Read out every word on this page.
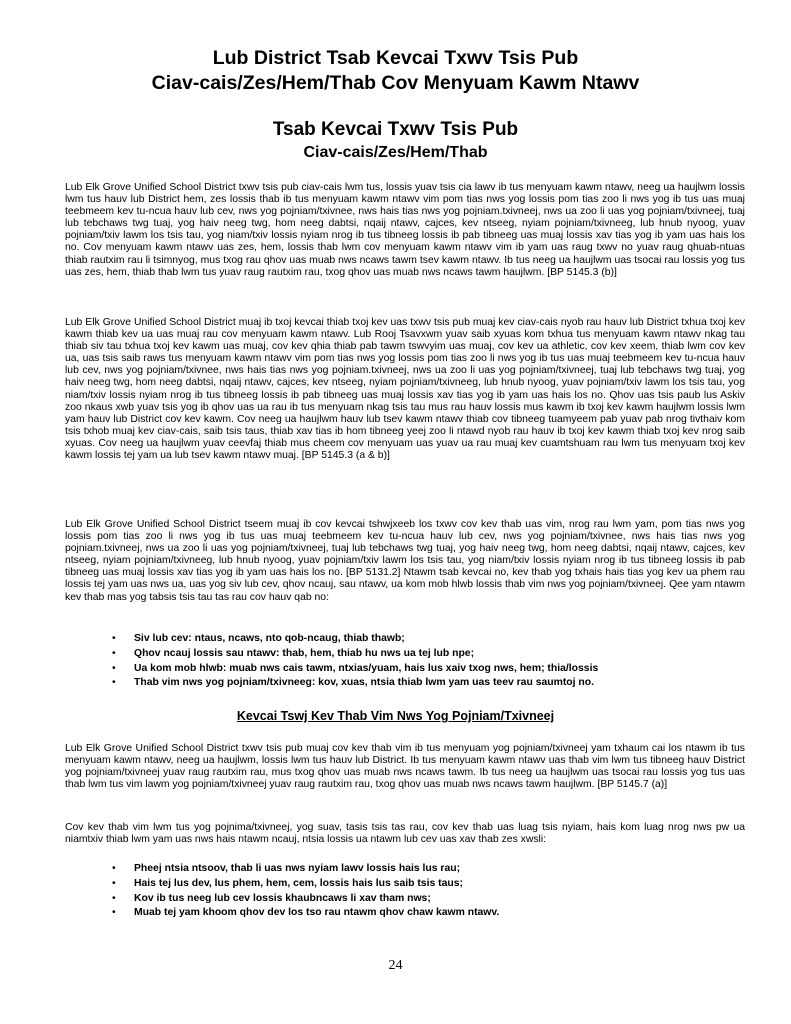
Lub District Tsab Kevcai Txwv Tsis Pub
Ciav-cais/Zes/Hem/Thab Cov Menyuam Kawm Ntawv
Tsab Kevcai Txwv Tsis Pub
Ciav-cais/Zes/Hem/Thab

Lub Elk Grove Unified School District txwv tsis pub ciav-cais lwm tus, lossis yuav tsis cia lawv ib tus menyuam kawm ntawv, neeg ua haujlwm lossis lwm tus hauv lub District hem, zes lossis thab ib tus menyuam kawm ntawv vim pom tias nws yog lossis pom tias zoo li nws yog ib tus uas muaj teebmeem kev tu-ncua hauv lub cev, nws yog pojniam/txivnee, nws hais tias nws yog pojniam.txivneej, nws ua zoo li uas yog pojniam/txivneej, tuaj lub tebchaws twg tuaj, yog haiv neeg twg, hom neeg dabtsi, nqaij ntawv, cajces, kev ntseeg, nyiam pojniam/txivneeg, lub hnub nyoog, yuav pojniam/txiv lawm los tsis tau, yog niam/txiv lossis nyiam nrog ib tus tibneeg lossis ib pab tibneeg uas muaj lossis xav tias yog ib yam uas hais los no. Cov menyuam kawm ntawv uas zes, hem, lossis thab lwm cov menyuam kawm ntawv vim ib yam uas raug txwv no yuav raug qhuab-ntuas thiab rautxim rau li tsimnyog, mus txog rau qhov uas muab nws ncaws tawm tsev kawm ntawv. Ib tus neeg ua haujlwm uas tsocai rau lossis yog tus uas zes, hem, thiab thab lwm tus yuav raug rautxim rau, txog qhov uas muab nws ncaws tawm haujlwm. [BP 5145.3 (b)]

Lub Elk Grove Unified School District muaj ib txoj kevcai thiab txoj kev uas txwv tsis pub muaj kev ciav-cais nyob rau hauv lub District txhua txoj kev kawm thiab kev ua uas muaj rau cov menyuam kawm ntawv. Lub Rooj Tsavxwm yuav saib xyuas kom txhua tus menyuam kawm ntawv nkag tau thiab siv tau txhua txoj kev kawm uas muaj, cov kev qhia thiab pab tawm tswvyim uas muaj, cov kev ua athletic, cov kev xeem, thiab lwm cov kev ua, uas tsis saib raws tus menyuam kawm ntawv vim pom tias nws yog lossis pom tias zoo li nws yog ib tus uas muaj teebmeem kev tu-ncua hauv lub cev, nws yog pojniam/txivnee, nws hais tias nws yog pojniam.txivneej, nws ua zoo li uas yog pojniam/txivneej, tuaj lub tebchaws twg tuaj, yog haiv neeg twg, hom neeg dabtsi, nqaij ntawv, cajces, kev ntseeg, nyiam pojniam/txivneeg, lub hnub nyoog, yuav pojniam/txiv lawm los tsis tau, yog niam/txiv lossis nyiam nrog ib tus tibneeg lossis ib pab tibneeg uas muaj lossis xav tias yog ib yam uas hais los no. Qhov uas tsis paub lus Askiv zoo nkaus xwb yuav tsis yog ib qhov uas ua rau ib tus menyuam nkag tsis tau mus rau hauv lossis mus kawm ib txoj kev kawm haujlwm lossis lwm yam hauv lub District cov kev kawm. Cov neeg ua haujlwm hauv lub tsev kawm ntawv thiab cov tibneeg tuamyeem pab yuav pab nrog tivthaiv kom tsis txhob muaj kev ciav-cais, saib tsis taus, thiab xav tias ib hom tibneeg yeej zoo li ntawd nyob rau hauv ib txoj kev kawm thiab txoj kev nrog saib xyuas. Cov neeg ua haujlwm yuav ceevfaj thiab mus cheem cov menyuam uas yuav ua rau muaj kev cuamtshuam rau lwm tus menyuam txoj kev kawm lossis tej yam ua lub tsev kawm ntawv muaj. [BP 5145.3 (a & b)]

Lub Elk Grove Unified School District tseem muaj ib cov kevcai tshwjxeeb los txwv cov kev thab uas vim, nrog rau lwm yam, pom tias nws yog lossis pom tias zoo li nws yog ib tus uas muaj teebmeem kev tu-ncua hauv lub cev, nws yog pojniam/txivnee, nws hais tias nws yog pojniam.txivneej, nws ua zoo li uas yog pojniam/txivneej, tuaj lub tebchaws twg tuaj, yog haiv neeg twg, hom neeg dabtsi, nqaij ntawv, cajces, kev ntseeg, nyiam pojniam/txivneeg, lub hnub nyoog, yuav pojniam/txiv lawm los tsis tau, yog niam/txiv lossis nyiam nrog ib tus tibneeg lossis ib pab tibneeg uas muaj lossis xav tias yog ib yam uas hais los no. [BP 5131.2] Ntawm tsab kevcai no, kev thab yog txhais hais tias yog kev ua phem rau lossis tej yam uas nws ua, uas yog siv lub cev, qhov ncauj, sau ntawv, ua kom mob hlwb lossis thab vim nws yog pojniam/txivneej. Qee yam ntawm kev thab mas yog tabsis tsis tau tas rau cov hauv qab no:

• Siv lub cev: ntaus, ncaws, nto qob-ncaug, thiab thawb;
• Qhov ncauj lossis sau ntawv: thab, hem, thiab hu nws ua tej lub npe;
• Ua kom mob hlwb: muab nws cais tawm, ntxias/yuam, hais lus xaiv txog nws, hem; thia/lossis
• Thab vim nws yog pojniam/txivneeg: kov, xuas, ntsia thiab lwm yam uas teev rau saumtoj no.
Kevcai Tswj Kev Thab Vim Nws Yog Pojniam/Txivneej

Lub Elk Grove Unified School District txwv tsis pub muaj cov kev thab vim ib tus menyuam yog pojniam/txivneej yam txhaum cai los ntawm ib tus menyuam kawm ntawv, neeg ua haujlwm, lossis lwm tus hauv lub District. Ib tus menyuam kawm ntawv uas thab vim lwm tus tibneeg hauv District yog pojniam/txivneej yuav raug rautxim rau, mus txog qhov uas muab nws ncaws tawm. Ib tus neeg ua haujlwm uas tsocai rau lossis yog tus uas thab lwm tus vim lawm yog pojniam/txivneej yuav raug rautxim rau, txog qhov uas muab nws ncaws tawm haujlwm. [BP 5145.7 (a)]

Cov kev thab vim lwm tus yog pojnima/txivneej, yog suav, tasis tsis tas rau, cov kev thab uas luag tsis nyiam, hais kom luag nrog nws pw ua niamtxiv thiab lwm yam uas nws hais ntawm ncauj, ntsia lossis ua ntawm lub cev uas xav thab zes xwsli:

• Pheej ntsia ntsoov, thab li uas nws nyiam lawv lossis hais lus rau;
• Hais tej lus dev, lus phem, hem, cem, lossis hais lus saib tsis taus;
• Kov ib tus neeg lub cev lossis khaubncaws li xav tham nws;
• Muab tej yam khoom qhov dev los tso rau ntawm qhov chaw kawm ntawv.
24
